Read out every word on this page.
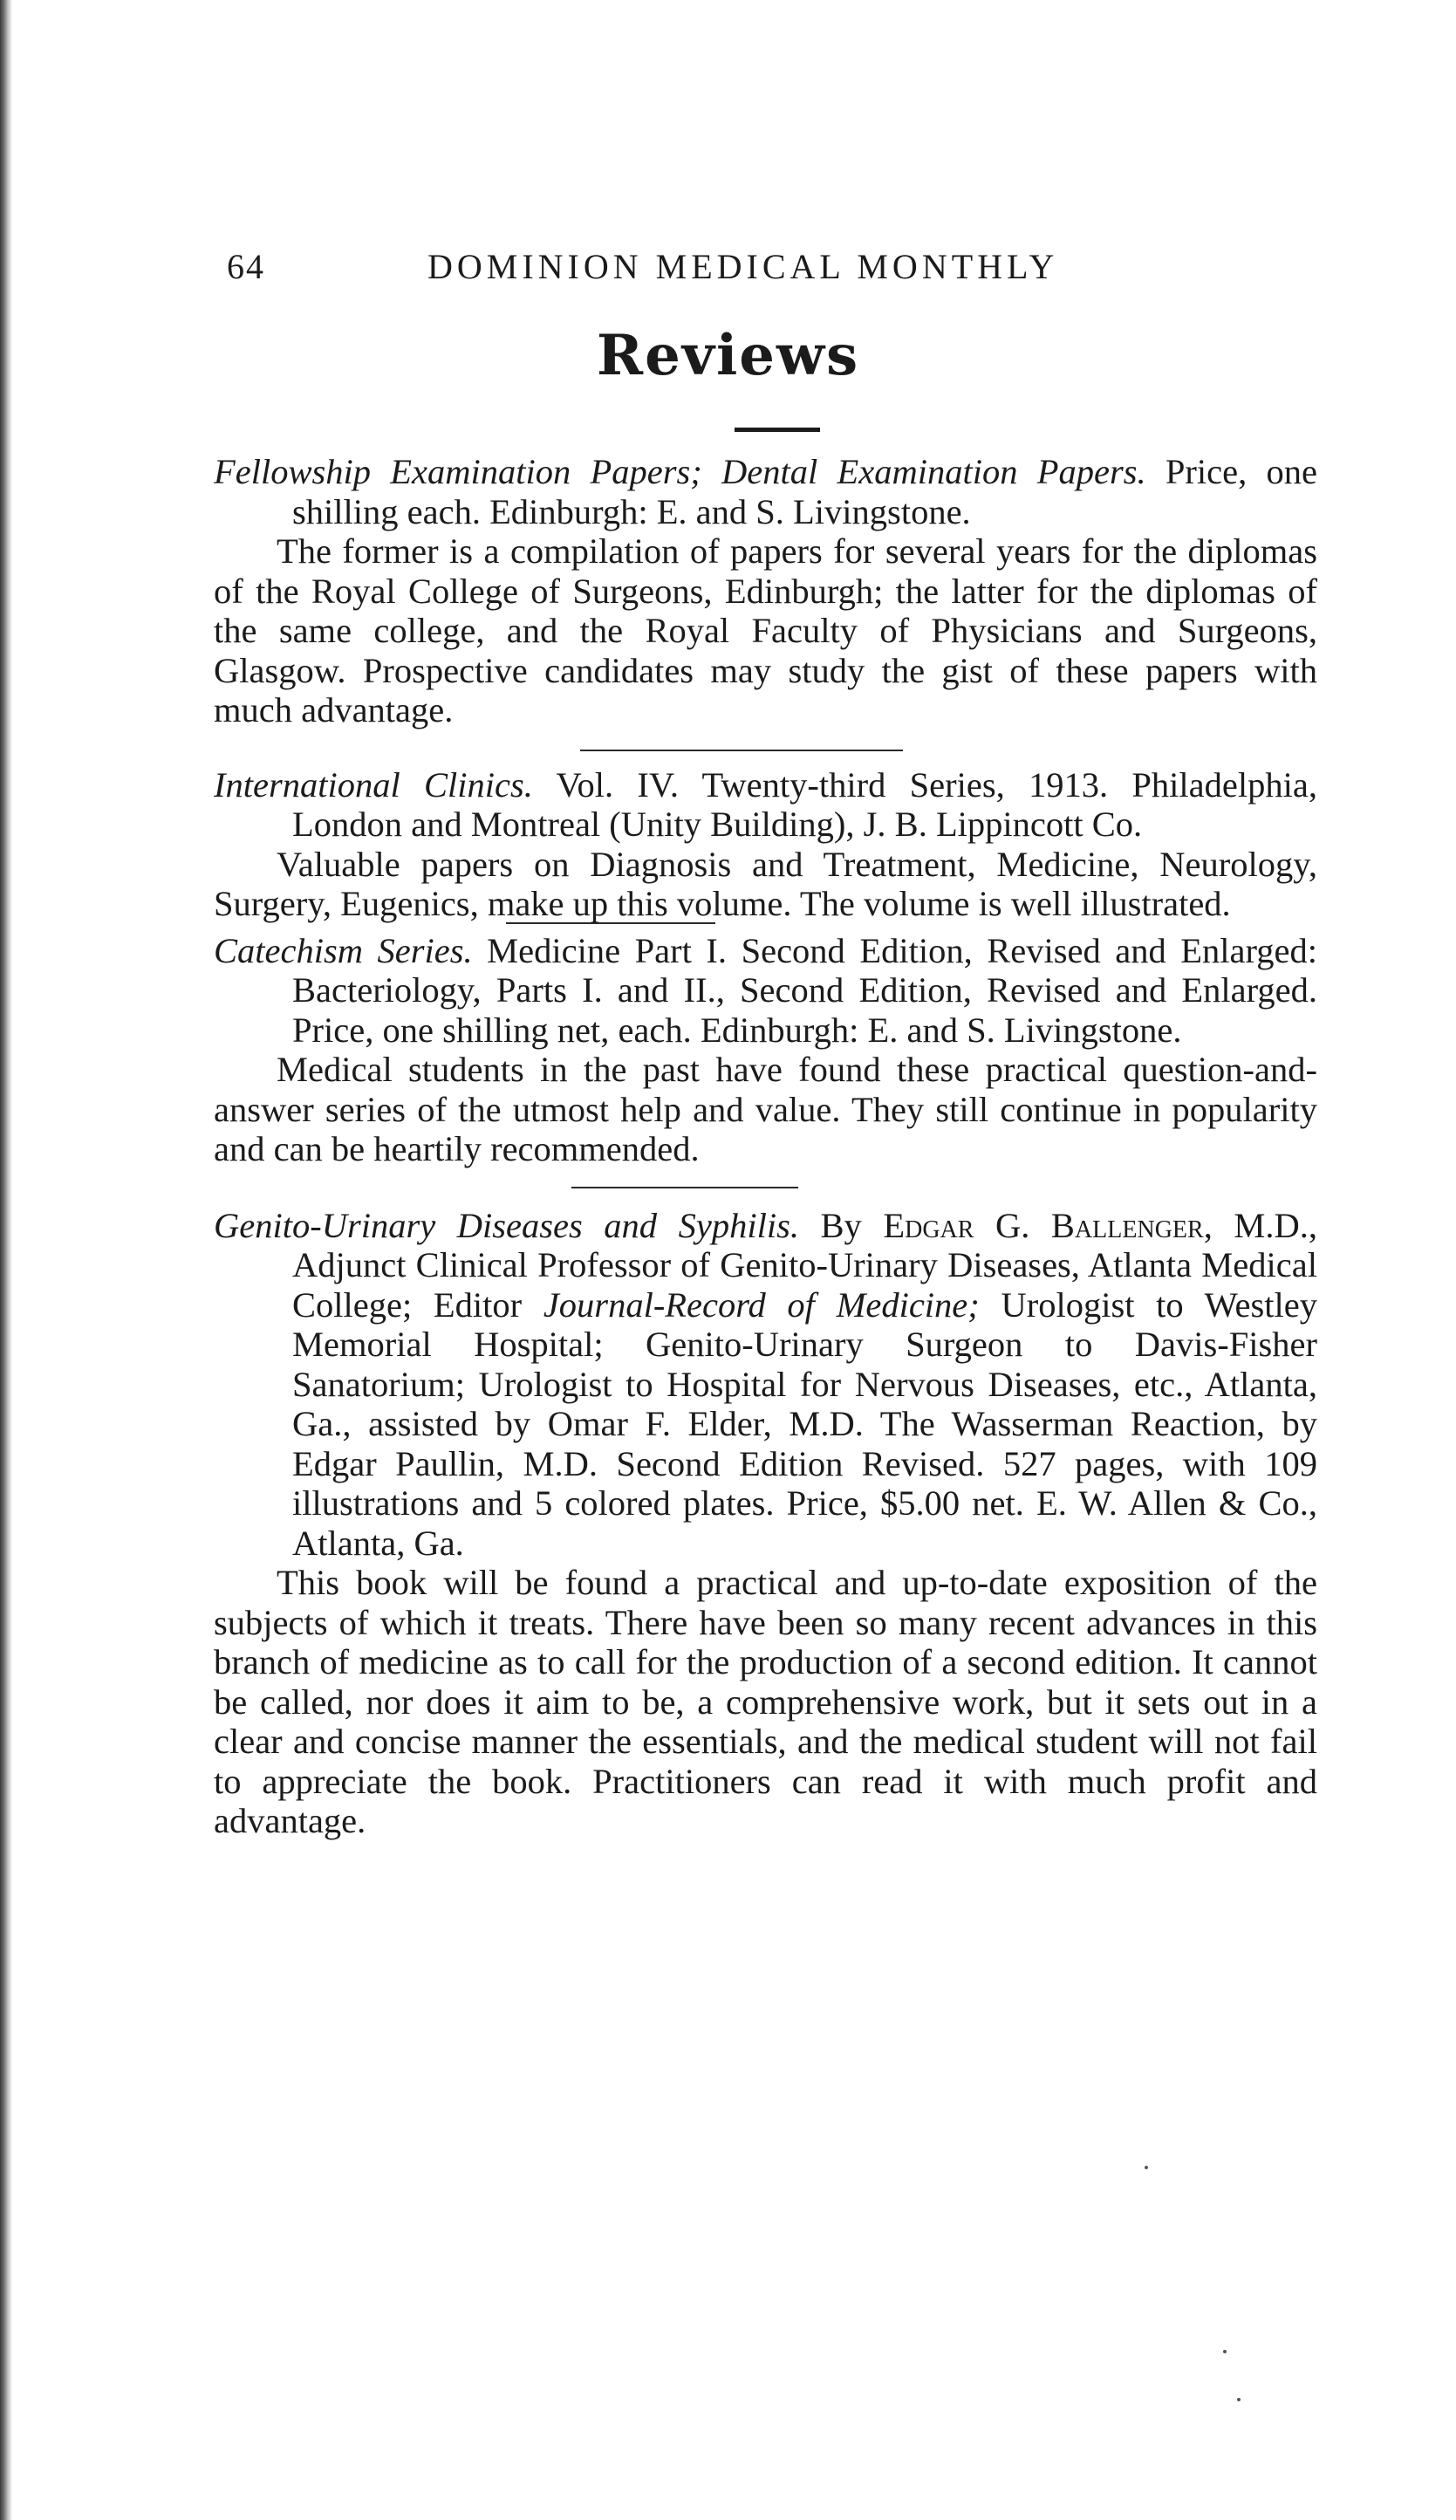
64	DOMINION MEDICAL MONTHLY
Reviews

Fellowship Examination Papers; Dental Examination Papers. Price, one shilling each. Edinburgh: E. and S. Livingstone.

The former is a compilation of papers for several years for the diplomas of the Royal College of Surgeons, Edinburgh; the latter for the diplomas of the same college, and the Royal Faculty of Physicians and Surgeons, Glasgow. Prospective candidates may study the gist of these papers with much advantage.

International Clinics. Vol. IV. Twenty-third Series, 1913. Philadelphia, London and Montreal (Unity Building), J. B. Lippincott Co.

Valuable papers on Diagnosis and Treatment, Medicine, Neurology, Surgery, Eugenics, make up this volume. The volume is well illustrated.

Catechism Series. Medicine Part I. Second Edition, Revised and Enlarged: Bacteriology, Parts I. and II., Second Edition, Revised and Enlarged. Price, one shilling net, each. Edinburgh: E. and S. Livingstone.

Medical students in the past have found these practical question-and-answer series of the utmost help and value. They still continue in popularity and can be heartily recommended.

Genito-Urinary Diseases and Syphilis. By Edgar G. Ballenger, M.D., Adjunct Clinical Professor of Genito-Urinary Diseases, Atlanta Medical College; Editor Journal-Record of Medicine; Urologist to Westley Memorial Hospital; Genito-Urinary Surgeon to Davis-Fisher Sanatorium; Urologist to Hospital for Nervous Diseases, etc., Atlanta, Ga., assisted by Omar F. Elder, M.D. The Wasserman Reaction, by Edgar Paullin, M.D. Second Edition Revised. 527 pages, with 109 illustrations and 5 colored plates. Price, $5.00 net. E. W. Allen & Co., Atlanta, Ga.

This book will be found a practical and up-to-date exposition of the subjects of which it treats. There have been so many recent advances in this branch of medicine as to call for the production of a second edition. It cannot be called, nor does it aim to be, a comprehensive work, but it sets out in a clear and concise manner the essentials, and the medical student will not fail to appreciate the book. Practitioners can read it with much profit and advantage.
